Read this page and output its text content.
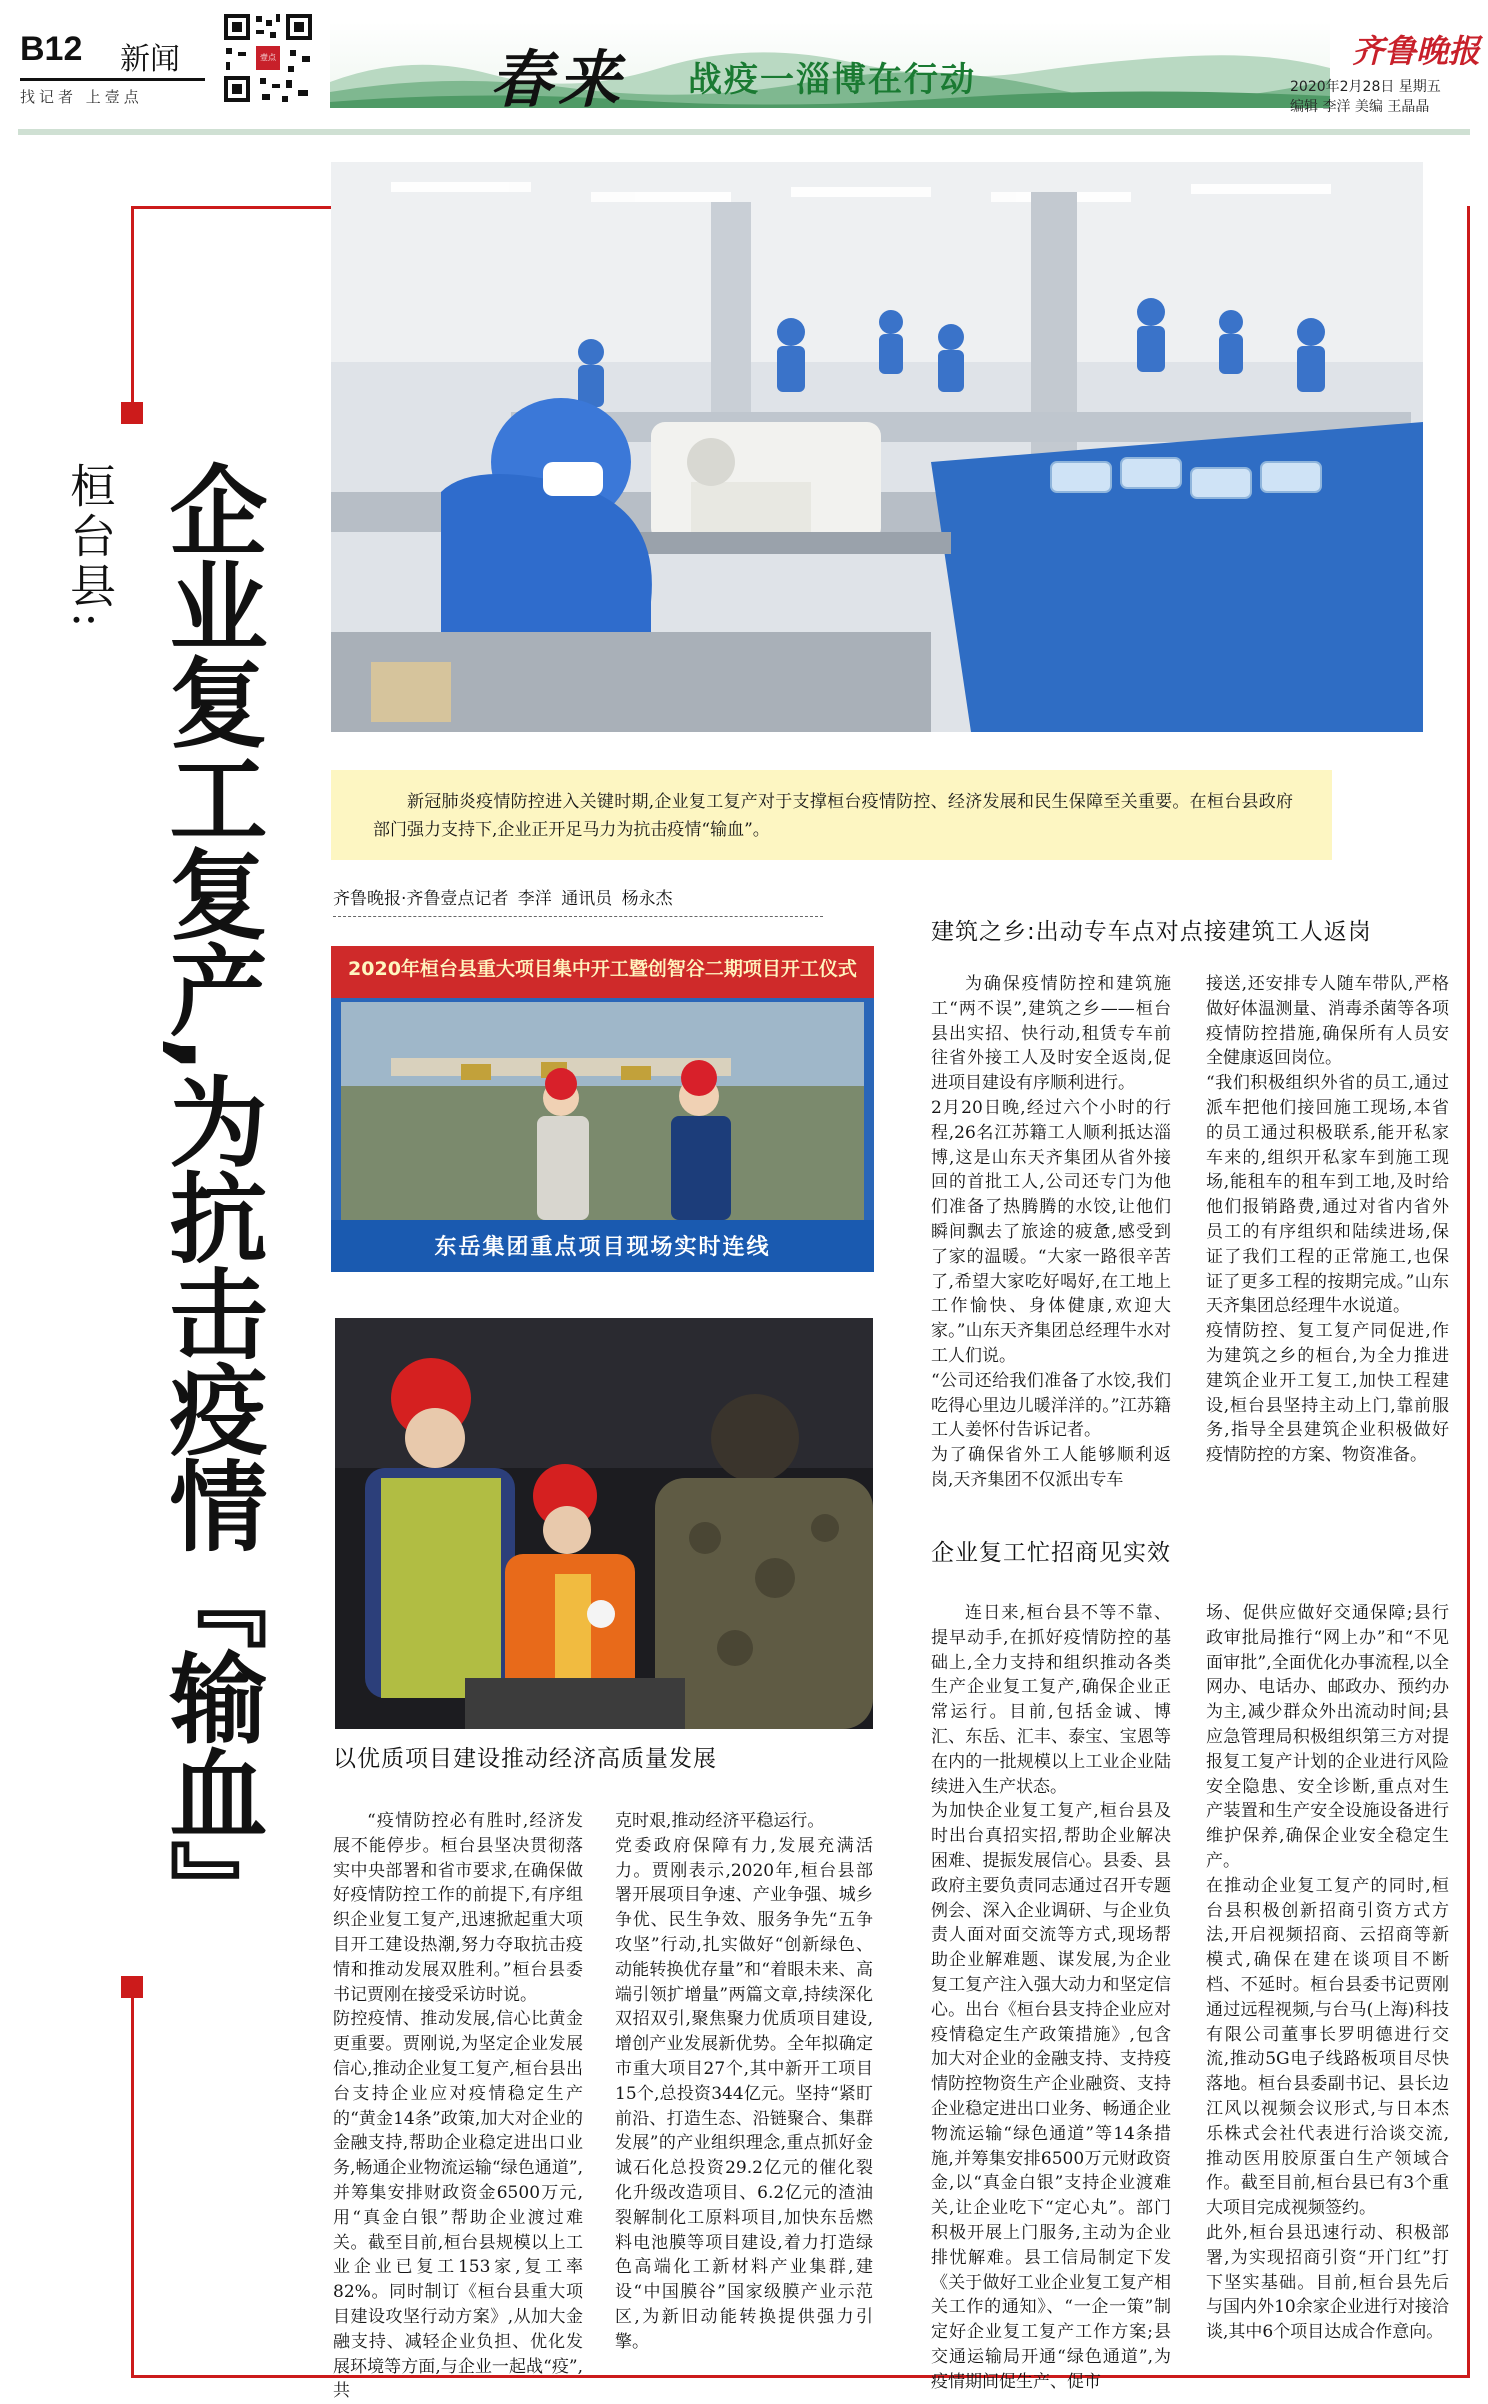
B12 新闻
找记者 上壹点
壹点	春来 战疫一淄博在行动
齐鲁晚报
2020年2月28日 星期五
编辑 李洋 美编 王晶晶
桓台县: 企业复工复产,为抗击疫情『输血』	新冠肺炎疫情防控进入关键时期,企业复工复产对于支撑桓台疫情防控、经济发展和民生保障至关重要。在桓台县政府部门强力支持下,企业正开足马力为抗击疫情“输血”。

齐鲁晚报·齐鲁壹点记者 李洋 通讯员 杨永杰
2020年桓台县重大项目集中开工暨创智谷二期项目开工仪式
东岳集团重点项目现场实时连线
以优质项目建设推动经济高质量发展

“疫情防控必有胜时,经济发展不能停步。桓台县坚决贯彻落实中央部署和省市要求,在确保做好疫情防控工作的前提下,有序组织企业复工复产,迅速掀起重大项目开工建设热潮,努力夺取抗击疫情和推动发展双胜利。”桓台县委书记贾刚在接受采访时说。
防控疫情、推动发展,信心比黄金更重要。贾刚说,为坚定企业发展信心,推动企业复工复产,桓台县出台支持企业应对疫情稳定生产的“黄金14条”政策,加大对企业的金融支持,帮助企业稳定进出口业务,畅通企业物流运输“绿色通道”,并筹集安排财政资金6500万元,用“真金白银”帮助企业渡过难关。截至目前,桓台县规模以上工业企业已复工153家,复工率82%。同时制订《桓台县重大项目建设攻坚行动方案》,从加大金融支持、减轻企业负担、优化发展环境等方面,与企业一起战“疫”,共

克时艰,推动经济平稳运行。
党委政府保障有力,发展充满活力。贾刚表示,2020年,桓台县部署开展项目争速、产业争强、城乡争优、民生争效、服务争先“五争攻坚”行动,扎实做好“创新绿色、动能转换优存量”和“着眼未来、高端引领扩增量”两篇文章,持续深化双招双引,聚焦聚力优质项目建设,增创产业发展新优势。全年拟确定市重大项目27个,其中新开工项目15个,总投资344亿元。坚持“紧盯前沿、打造生态、沿链聚合、集群发展”的产业组织理念,重点抓好金诚石化总投资29.2亿元的催化裂化升级改造项目、6.2亿元的渣油裂解制化工原料项目,加快东岳燃料电池膜等项目建设,着力打造绿色高端化工新材料产业集群,建设“中国膜谷”国家级膜产业示范区,为新旧动能转换提供强力引擎。

建筑之乡:出动专车点对点接建筑工人返岗

为确保疫情防控和建筑施工“两不误”,建筑之乡——桓台县出实招、快行动,租赁专车前往省外接工人及时安全返岗,促进项目建设有序顺利进行。
2月20日晚,经过六个小时的行程,26名江苏籍工人顺利抵达淄博,这是山东天齐集团从省外接回的首批工人,公司还专门为他们准备了热腾腾的水饺,让他们瞬间飘去了旅途的疲惫,感受到了家的温暖。“大家一路很辛苦了,希望大家吃好喝好,在工地上工作愉快、身体健康,欢迎大家。”山东天齐集团总经理牛水对工人们说。
“公司还给我们准备了水饺,我们吃得心里边儿暖洋洋的。”江苏籍工人姜怀付告诉记者。
为了确保省外工人能够顺利返岗,天齐集团不仅派出专车

接送,还安排专人随车带队,严格做好体温测量、消毒杀菌等各项疫情防控措施,确保所有人员安全健康返回岗位。
“我们积极组织外省的员工,通过派车把他们接回施工现场,本省的员工通过积极联系,能开私家车来的,组织开私家车到施工现场,能租车的租车到工地,及时给他们报销路费,通过对省内省外员工的有序组织和陆续进场,保证了我们工程的正常施工,也保证了更多工程的按期完成。”山东天齐集团总经理牛水说道。
疫情防控、复工复产同促进,作为建筑之乡的桓台,为全力推进建筑企业开工复工,加快工程建设,桓台县坚持主动上门,靠前服务,指导全县建筑企业积极做好疫情防控的方案、物资准备。

企业复工忙招商见实效

连日来,桓台县不等不靠、提早动手,在抓好疫情防控的基础上,全力支持和组织推动各类生产企业复工复产,确保企业正常运行。目前,包括金诚、博汇、东岳、汇丰、泰宝、宝恩等在内的一批规模以上工业企业陆续进入生产状态。
为加快企业复工复产,桓台县及时出台真招实招,帮助企业解决困难、提振发展信心。县委、县政府主要负责同志通过召开专题例会、深入企业调研、与企业负责人面对面交流等方式,现场帮助企业解难题、谋发展,为企业复工复产注入强大动力和坚定信心。出台《桓台县支持企业应对疫情稳定生产政策措施》,包含加大对企业的金融支持、支持疫情防控物资生产企业融资、支持企业稳定进出口业务、畅通企业物流运输“绿色通道”等14条措施,并筹集安排6500万元财政资金,以“真金白银”支持企业渡难关,让企业吃下“定心丸”。部门积极开展上门服务,主动为企业排忧解难。县工信局制定下发《关于做好工业企业复工复产相关工作的通知》、“一企一策”制定好企业复工复产工作方案;县交通运输局开通“绿色通道”,为疫情期间促生产、促市

场、促供应做好交通保障;县行政审批局推行“网上办”和“不见面审批”,全面优化办事流程,以全网办、电话办、邮政办、预约办为主,减少群众外出流动时间;县应急管理局积极组织第三方对提报复工复产计划的企业进行风险安全隐患、安全诊断,重点对生产装置和生产安全设施设备进行维护保养,确保企业安全稳定生产。
在推动企业复工复产的同时,桓台县积极创新招商引资方式方法,开启视频招商、云招商等新模式,确保在建在谈项目不断档、不延时。桓台县委书记贾刚通过远程视频,与台马(上海)科技有限公司董事长罗明德进行交流,推动5G电子线路板项目尽快落地。桓台县委副书记、县长边江风以视频会议形式,与日本杰乐株式会社代表进行洽谈交流,推动医用胶原蛋白生产领域合作。截至目前,桓台县已有3个重大项目完成视频签约。
此外,桓台县迅速行动、积极部署,为实现招商引资“开门红”打下坚实基础。目前,桓台县先后与国内外10余家企业进行对接洽谈,其中6个项目达成合作意向。
